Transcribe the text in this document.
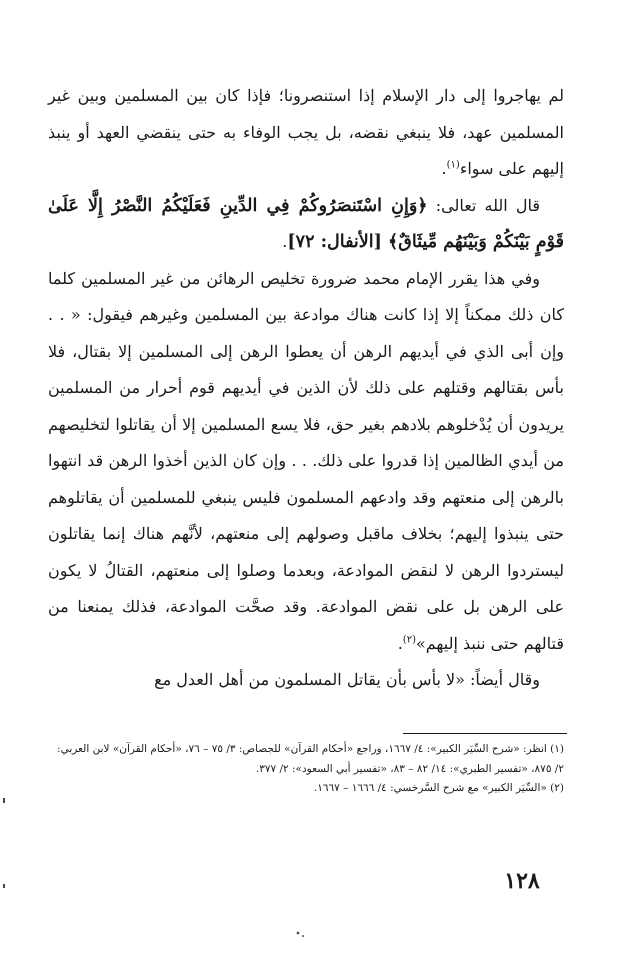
لم يهاجروا إلى دار الإسلام إذا استنصرونا؛ فإذا كان بين المسلمين وبين غير المسلمين عهد، فلا ينبغي نقضه، بل يجب الوفاء به حتى ينقضي العهد أو ينبذ إليهم على سواء$^{(١)}$.

قال الله تعالى: ﴿وَإِنِ اسْتَنصَرُوكُمْ فِي الدِّينِ فَعَلَيْكُمُ النَّصْرُ إِلَّا عَلَىٰ قَوْمٍ بَيْنَكُمْ وَبَيْنَهُم مِّيثَاقٌ﴾ [الأنفال: ٧٢].

وفي هذا يقرر الإمام محمد ضرورة تخليص الرهائن من غير المسلمين كلما كان ذلك ممكناً إلا إذا كانت هناك موادعة بين المسلمين وغيرهم فيقول: « . . وإن أبى الذي في أيديهم الرهن أن يعطوا الرهن إلى المسلمين إلا بقتال، فلا بأس بقتالهم وقتلهم على ذلك لأن الذين في أيديهم قوم أحرار من المسلمين يريدون أن يُدْخلوهم بلادهم بغير حق، فلا يسع المسلمين إلا أن يقاتلوا لتخليصهم من أيدي الظالمين إذا قدروا على ذلك. . . وإن كان الذين أخذوا الرهن قد انتهوا بالرهن إلى منعتهم وقد وادعهم المسلمون فليس ينبغي للمسلمين أن يقاتلوهم حتى ينبذوا إليهم؛ بخلاف ماقبل وصولهم إلى منعتهم، لأنَّهم هناك إنما يقاتلون ليستردوا الرهن لا لنقض الموادعة، وبعدما وصلوا إلى منعتهم، القتالُ لا يكون على الرهن بل على نقض الموادعة. وقد صحَّت الموادعة، فذلك يمنعنا من قتالهم حتى ننبذ إليهم»$^{(٢)}$.

وقال أيضاً: «لا بأس بأن يقاتل المسلمون من أهل العدل مع

(١) انظر: «شرح السِّيَر الكبير»: ٤/ ١٦٦٧، وراجع «أحكام القرآن» للجصاص: ٣/ ٧٥ – ٧٦، «أحكام القرآن» لابن العربي: ٢/ ٨٧٥، «تفسير الطبري»: ١٤/ ٨٢ – ٨٣، «تفسير أبي السعود»: ٢/ ٣٧٧.

(٢) «السِّيَر الكبير» مع شرح السَّرخسي: ٤/ ١٦٦٦ – ١٦٦٧.

١٢٨
